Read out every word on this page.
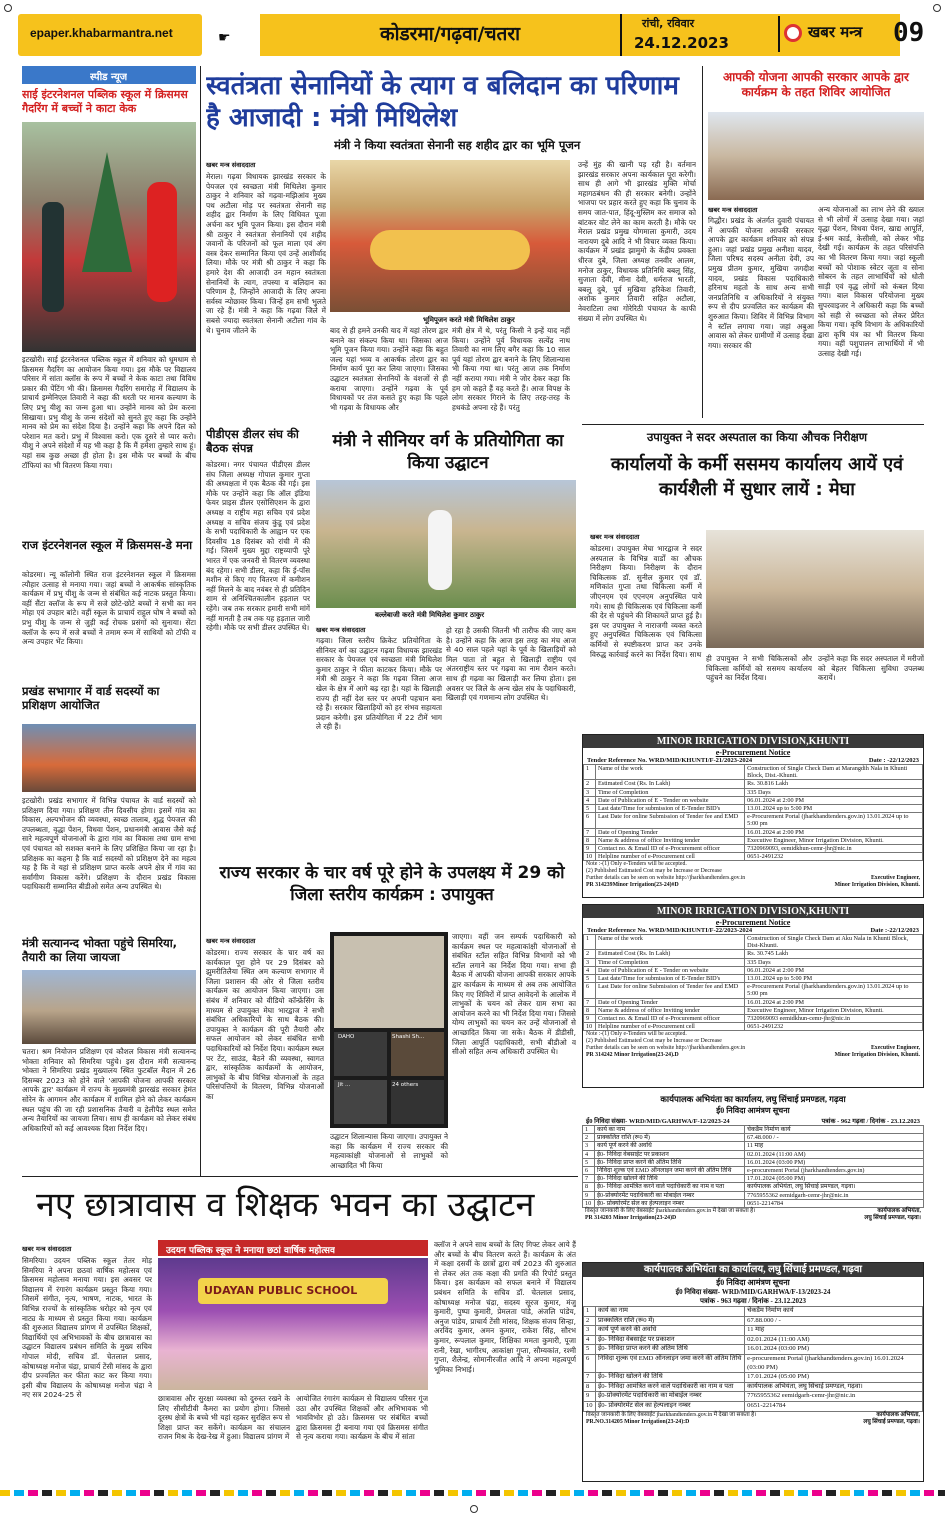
epaper.khabarmantra.net	☛	कोडरमा/गढ़वा/चतरा	रांची, रविवार
24.12.2023
खबर मन्त्र 09
स्पीड न्यूज
साई इंटरनेशनल पब्लिक स्कूल में क्रिसमस गैदरिंग में बच्चों ने काटा केक
इटखोरी। साई इंटरनेशनल पब्लिक स्कूल में शनिवार को धूमधाम से क्रिसमस गैदरिंग का आयोजन किया गया। इस मौके पर विद्यालय परिसर में सांता क्लॉस के रूप में बच्चों ने केक काटा तथा विविध प्रकार की पेंटिंग भी की। क्रिसमस गैदरिंग समारोह में विद्यालय के प्राचार्य इम्मेनिएल तिवारी ने कहा की धरती पर मानव कल्याण के लिए प्रभु यीशु का जन्म हुआ था। उन्होंने मानव को प्रेम करना सिखाया। प्रभु यीशु के जन्म संदेशों को सुनते हुए कहा कि उन्होंने मानव को प्रेम का संदेश दिया है। उन्होंने कहा कि अपने दिल को परेशान मत करो। प्रभु में विश्वास करो। एक दूसरे से प्यार करो। यीशु ने अपने संदेशों में यह भी कहा है कि मैं हमेशा तुम्हारे साथ हूं। यहां सब कुछ अच्छा ही होता है। इस मौके पर बच्चों के बीच टॉफियां का भी वितरण किया गया।
राज इंटरनेशनल स्कूल में क्रिसमस-डे मना
कोडरमा। न्यू कॉलोनी स्थित राज इंटरनेशनल स्कूल में क्रिसमस त्यौहार उत्साह से मनाया गया। जहां बच्चों ने आकर्षक सांस्कृतिक कार्यक्रम में प्रभु यीशु के जन्म से संबंधित कई नाटक प्रस्तुत किया। वहीं सैंटा क्लॉज के रूप में सजे छोटे-छोटे बच्चों ने सभी का मन मोहा एवं उपहार बांटे। वहीं स्कूल के प्राचार्य राहुल घोष ने बच्चों को प्रभु यीशु के जन्म से जुड़ी कई रोचक प्रसंगों को सुनाया। सेंटा क्लॉज के रूप में सजे बच्चों ने तमाम रूम में साथियों को टॉफी व अन्य उपहार भेंट किया।
प्रखंड सभागार में वार्ड सदस्यों का प्रशिक्षण आयोजित
इटखोरी। प्रखंड सभागार में विभिन्न पंचायत के वार्ड सदस्यों को प्रशिक्षण दिया गया। प्रशिक्षण तीन दिवसीय होगा। इसमें गांव का विकास, अल्पभोजन की व्यवस्था, स्वच्छ तालाब, शुद्ध पेयजल की उपलब्धता, वृद्धा पेंशन, विधवा पेंशन, प्रधानमंत्री आवास जैसे कई सारे महत्वपूर्ण योजनाओं के द्वारा गांव का विकास तथा ग्राम सभा एवं पंचायत को सशक्त बनाने के लिए प्रशिक्षित किया जा रहा है। प्रशिक्षक का कहना है कि वार्ड सदस्यों को प्रशिक्षण देने का महत्व यह है कि वे यहां से प्रशिक्षण प्राप्त करके अपने क्षेत्र में गांव का सर्वांगीण विकास करेंगे। प्रशिक्षण के दौरान प्रखंड विकास पदाधिकारी सम्मानित बीडीओ समेत अन्य उपस्थित थे।
मंत्री सत्यानन्द भोक्ता पहुंचे सिमरिया, तैयारी का लिया जायजा
चतरा। श्रम नियोजन प्रशिक्षण एवं कौशल विकास मंत्री सत्यानन्द भोक्ता शनिवार को सिमरिया पहुंचे। इस दौरान मंत्री सत्यानन्द भोक्ता ने सिमरिया प्रखंड मुख्यालय स्थित फुटबॉल मैदान में 26 दिसम्बर 2023 को होने वाले 'आपकी योजना आपकी सरकार आपके द्वार' कार्यक्रम में राज्य के मुख्यमंत्री झारखंड सरकार हेमंत सोरेन के आगमन और कार्यक्रम में शामिल होने को लेकर कार्यक्रम स्थल पहुंच की जा रही प्रशासनिक तैयारी व हेलीपैड स्थल समेत अन्य तैयारियों का जायजा लिया। साथ ही कार्यक्रम को लेकर संबंध अधिकारियों को कई आवश्यक दिशा निर्देश दिए।
स्वतंत्रता सेनानियों के त्याग व बलिदान का परिणाम है आजादी : मंत्री मिथिलेश
मंत्री ने किया स्वतंत्रता सेनानी सह शहीद द्वार का भूमि पूजन
खबर मन्त्र संवाददाता
मेराल। गढ़वा विधायक झारखंड सरकार के पेयजल एवं स्वच्छता मंत्री मिथिलेश कुमार ठाकुर ने शनिवार को गढ़वा-मझिआंव मुख्य पथ अटौला मोड़ पर स्वतंत्रता सेनानी सह शहीद द्वार निर्माण के लिए विधिवत पूजा अर्चना कर भूमि पूजन किया। इस दौरान मंत्री श्री ठाकुर ने स्वतंत्रता सेनानियों एवं शहीद जवानों के परिजनों को फूल माला एवं अंग वस्त्र देकर सम्मानित किया एवं उन्हें आशीर्वाद लिया। मौके पर मंत्री श्री ठाकुर ने कहा कि हमारे देश की आजादी उन महान स्वतंत्रता सेनानियों के त्याग, तपस्या व बलिदान का परिणाम है, जिन्होंने आजादी के लिए अपना सर्वस्व न्योछावर किया। जिन्हें हम सभी भुलते जा रहे हैं। मंत्री ने कहा कि गढ़वा जिले में सबसे ज्यादा स्वतंत्रता सेनानी अटौला गांव के थे। चुनाव जीतने के
भूमिपूजन करते मंत्री मिथिलेश ठाकुर
बाद से ही हमने उनकी याद में यहां तोरण द्वार बनाने का संकल्प किया था। जिसका आज भूमि पूजन किया गया। उन्होंने कहा कि बहुत जल्द यहां भव्य व आकर्षक तोरण द्वार का निर्माण कार्य पूरा कर लिया जाएगा। जिसका उद्घाटन स्वतंत्रता सेनानियों के वंशजों से ही कराया जाएगा। उन्होंने गढ़वा के पूर्व विधायकों पर तंज कसते हुए कहा कि पहले भी गढ़वा के विधायक और
मंत्री क्षेत्र में थे, परंतु किसी ने इन्हें याद नहीं किया। उन्होंने पूर्व विधायक सत्येंद्र नाथ तिवारी का नाम लिए बगैर कहा कि 10 साल पूर्व यहां तोरण द्वार बनाने के लिए शिलान्यास भी किया गया था। परंतु आज तक निर्माण नहीं कराया गया। मंत्री ने जोर देकर कहा कि हम जो कहते हैं वह करते हैं। आज विपक्ष के लोग सरकार गिराने के लिए तरह-तरह के हथकंडे अपना रहे हैं। परंतु
उन्हें मुंह की खानी पड़ रही है। वर्तमान झारखंड सरकार अपना कार्यकाल पूरा करेगी। साथ ही आगे भी झारखंड मुक्ति मोर्चा महागठबंधन की ही सरकार बनेगी। उन्होंने भाजपा पर प्रहार करते हुए कहा कि चुनाव के समय जात-पात, हिंदू-मुस्लिम कर समाज को बांटकर वोट लेने का काम करती है। मौके पर मेराल प्रखंड प्रमुख योगमाला कुमारी, उदय नारायण दुबे आदि ने भी विचार व्यक्त किया। कार्यक्रम में प्रखंड झामुमो के केंद्रीय प्रवक्ता धीरज दुबे, जिला अध्यक्ष तनवीर आलम, मनोज ठाकुर, विधायक प्रतिनिधि बबलू सिंह, सुजाता देवी, मीना देवी, धर्मराज भारती, बबलू दुबे, पूर्व मुखिया हरिकेश तिवारी, अशोक कुमार तिवारी सहित अटौला, नेवराटिला तथा गोरेरिठी पंचायत के काफी संख्या में लोग उपस्थित थे।
पीडीएस डीलर संघ की बैठक संपन्न
कोडरमा। नगर पंचायत पीडीएस डीलर संघ जिला अध्यक्ष गोपाल कुमार गुप्ता की अध्यक्षता में एक बैठक की गई। इस मौके पर उन्होंने कहा कि ऑल इंडिया फेयर प्राइस डीलर एसोसिएशन के द्वारा अध्यक्ष व राष्ट्रीय महा सचिव एवं प्रदेश अध्यक्ष व सचिव संजय कुंडू एवं प्रदेश के सभी पदाधिकारी के आह्वान पर एक दिवसीय 18 दिसंबर को रांची में की गई। जिसमें मुख्य मुद्दा राष्ट्रव्यापी पूरे भारत में एक जनवरी से वितरण व्यवस्था बंद रहेगा। सभी डीलर, कहा कि ई-पॉस मशीन से किए गए वितरण में कमीशन नहीं मिलने के बाद नवंबर से ही प्रतिदिन शाम से अनिश्चितकालीन हड़ताल पर रहेंगे। जब तक सरकार हमारी सभी मांगें नहीं मानती है तब तक यह हड़ताल जारी रहेगी। मौके पर सभी डीलर उपस्थित थे।
मंत्री ने सीनियर वर्ग के प्रतियोगिता का किया उद्घाटन
बल्लेबाजी करते मंत्री मिथिलेश कुमार ठाकुर
खबर मन्त्र संवाददाता
गढ़वा। जिला स्तरीय क्रिकेट प्रतियोगिता के सीनियर वर्ग का उद्घाटन गढ़वा विधायक झारखंड सरकार के पेयजल एवं स्वच्छता मंत्री मिथिलेश कुमार ठाकुर ने फीता काटकर किया। मौके पर मंत्री श्री ठाकुर ने कहा कि गढ़वा जिला आज खेल के क्षेत्र में आगे बढ़ रहा है। यहां के खिलाड़ी राज्य ही नहीं देश स्तर पर अपनी पहचान बना रहे हैं। सरकार खिलाड़ियों को हर संभव सहायता प्रदान करेगी। इस प्रतियोगिता में 22 टीमें भाग ले रही हैं।
हो रहा है उसकी जितनी भी तारीफ की जाए कम है। उन्होंने कहा कि आज इस तरह का मंच आज से 40 साल पहले यहां के पूर्व के खिलाड़ियों को मिल पाता तो बहुत से खिलाड़ी राष्ट्रीय एवं अंतरराष्ट्रीय स्तर पर गढ़वा का नाम रौशन करते। साथ ही गढ़वा का खिलाड़ी कर लिया होता। इस अवसर पर जिले के अन्य खेल संघ के पदाधिकारी, खिलाड़ी एवं गणमान्य लोग उपस्थित थे।
राज्य सरकार के चार वर्ष पूरे होने के उपलक्ष्य में 29 को जिला स्तरीय कार्यक्रम : उपायुक्त
खबर मन्त्र संवाददाता
कोडरमा। राज्य सरकार के चार वर्ष का कार्यकाल पूरा होने पर 29 दिसंबर को झुमरीतिलैया स्थित अम कल्याण सभागार में जिला प्रशासन की ओर से जिला स्तरीय कार्यक्रम का आयोजन किया जाएगा। उस संबंध में शनिवार को वीडियो कॉन्फ्रेंसिंग के माध्यम से उपायुक्त मेघा भारद्वाज ने सभी संबंधित अधिकारियों के साथ बैठक की। उपायुक्त ने कार्यक्रम की पूरी तैयारी और सफल आयोजन को लेकर संबंधित सभी पदाधिकारियों को निर्देश दिया। कार्यक्रम स्थल पर टेंट, साउंड, बैठने की व्यवस्था, स्वागत द्वार, सांस्कृतिक कार्यक्रमों के आयोजन, लाभुकों के बीच विभिन्न योजनाओं के तहत परिसंपत्तियों के वितरण, विभिन्न योजनाओं का
DAHO	Shashi Sh...
Jit ...	24 others
उद्घाटन शिलान्यास किया जाएगा। उपायुक्त ने कहा कि कार्यक्रम में राज्य सरकार की महत्वाकांक्षी योजनाओं से लाभुकों को आच्छादित भी किया
जाएगा। वहीं जन सम्पर्क पदाधिकारी को कार्यक्रम स्थल पर महत्वाकांक्षी योजनाओं से संबंधित स्टॉल सहित विभिन्न विभागों को भी स्टॉल लगाने का निर्देश दिया गया। सभा ही बैठक में आपकी योजना आपकी सरकार आपके द्वार कार्यक्रम के माध्यम से अब तक आयोजित किए गए शिविरों में प्राप्त आवेदनों के आलोक में लाभुकों के चयन को लेकर ग्राम सभा का आयोजन करने का भी निर्देश दिया गया। जिससे योग्य लाभुकों का चयन कर उन्हें योजनाओं से आच्छादित किया जा सके। बैठक में डीडीसी, जिला आपूर्ति पदाधिकारी, सभी बीडीओ व सीओ सहित अन्य अधिकारी उपस्थित थे।
नए छात्रावास व शिक्षक भवन का उद्घाटन
खबर मन्त्र संवाददाता
सिमरिया। उदयन पब्लिक स्कूल तेतर मोड़ सिमरिया ने अपना छठवां वार्षिक महोत्सव एवं क्रिसमस महोत्सव मनाया गया। इस अवसर पर विद्यालय में रंगारंग कार्यक्रम प्रस्तुत किया गया। जिसमें संगीत, नृत्य, भाषण, नाटक, भारत के विभिन्न राज्यों के सांस्कृतिक धरोहर को नृत्य एवं नाट्य के माध्यम से प्रस्तुत किया गया। कार्यक्रम की शुरुआत विद्यालय प्रांगण में उपस्थित शिक्षकों, विद्यार्थियों एवं अभिभावकों के बीच छात्रावास का उद्घाटन विद्यालय प्रबंधन समिति के मुख्य सचिव गोपाल मोदी, सचिव डॉ. चेतलाल प्रसाद, कोषाध्यक्ष मनोज चंद्रा, प्राचार्य टेंसी मांसद के द्वारा दीप प्रज्वलित कर फीता काट कर किया गया। इसी बीच विद्यालय के कोषाध्यक्ष मनोज चंद्रा ने नए सत्र 2024-25 से
उदयन पब्लिक स्कूल ने मनाया छठां वार्षिक महोत्सव
UDAYAN PUBLIC SCHOOL
छात्रावास और सुरक्षा व्यवस्था को दुरुस्त रखने के लिए सीसीटीवी कैमरा का प्रयोग होगा। जिससे दूरस्थ क्षेत्रों के बच्चे भी यहां रहकर सुरक्षित रूप से शिक्षा प्राप्त कर सकेंगे। कार्यक्रम का संचालन राजन मिश्र के देख-रेख में हुआ। विद्यालय प्रांगण में
आयोजित रंगारंग कार्यक्रम से विद्यालय परिसर गूंज उठा और उपस्थित शिक्षकों और अभिभावक भी भावविभोर हो उठे। क्रिसमस पर संबंधित बच्चों द्वारा क्रिसमस ट्री बनाया गया एवं क्रिसमस संगीत से नृत्य कराया गया। कार्यक्रम के बीच में सांता
क्लॉज ने अपने साथ बच्चों के लिए गिफ्ट लेकर आये हैं और बच्चों के बीच वितरण करते हैं। कार्यक्रम के अंत में कक्षा दसवीं के छात्रों द्वारा वर्ष 2023 की शुरुआत से लेकर अंत तक कक्षा की प्रगति की रिपोर्ट प्रस्तुत किया। इस कार्यक्रम को सफल बनाने में विद्यालय प्रबंधन समिति के सचिव डॉ. चेतलाल प्रसाद, कोषाध्यक्ष मनोज चंद्रा, सदस्य सूरज कुमार, मंजु कुमारी, पुष्पा कुमारी, प्रेमलता पांडे, अंजलि पांडेय, अनुज पांडेय, प्राचार्य टेंसी मांसद, शिक्षक संजय सिन्हा, अरविंद कुमार, अमन कुमार, राकेश सिंह, सौरभ कुमार, रूपलाल कुमार, शिक्षिका ममता कुमारी, पूजा रानी, रेखा, भागीरथ, आकांक्षा गुप्ता, सौम्यकांत, रश्मी गुप्ता, शैलेन्द्र, सोमानीरजीत आदि ने अपना महत्वपूर्ण भूमिका निभाई।
आपकी योजना आपकी सरकार आपके द्वार कार्यक्रम के तहत शिविर आयोजित
खबर मन्त्र संवाददाता
गिद्धौर। प्रखंड के अंतर्गत दुवारी पंचायत में आपकी योजना आपकी सरकार आपके द्वार कार्यक्रम शनिवार को संपन्न हुआ। जहां प्रखंड प्रमुख अनीशा यादव, जिला परिषद सदस्य अनीता देवी, उप प्रमुख प्रीतम कुमार, मुखिया जगदीश यादव, प्रखंड विकास पदाधिकारी हरिनाथ महतो के साथ अन्य सभी जनप्रतिनिधि व अधिकारियों ने संयुक्त रूप से दीप प्रज्वलित कर कार्यक्रम की शुरुआत किया। शिविर में विभिन्न विभाग ने स्टॉल लगाया गया। जहां अबुआ आवास को लेकर ग्रामीणों में उत्साह देखा गया। सरकार की
अन्य योजनाओं का लाभ लेने की ख्याल से भी लोगों में उत्साह देखा गया। जहां वृद्धा पेंशन, विधवा पेंशन, खाद्य आपूर्ति, ई-श्रम कार्ड, केसीसी, को लेकर भीड़ देखी गई। कार्यक्रम के तहत परिसंपत्ति का भी वितरण किया गया। जहां स्कूली बच्चों को पोशाक स्वेटर जूता व सोना सोबरन के तहत लाभार्थियों को धोती साड़ी एवं वृद्ध लोगों को कंबल दिया गया। बाल विकास परियोजना मुख्य सुपरवाइजर ने अधिकारी कहा कि बच्चों को सही से स्वच्छता को लेकर प्रेरित किया गया। कृषि विभाग के अधिकारियों द्वारा कृषि यंत्र का भी वितरण किया गया। वहीं पशुपालन लाभार्थियों में भी उत्साह देखी गई।
उपायुक्त ने सदर अस्पताल का किया औचक निरीक्षण
कार्यालयों के कर्मी ससमय कार्यालय आयें एवं कार्यशैली में सुधार लायें : मेघा
खबर मन्त्र संवाददाता
कोडरमा। उपायुक्त मेघा भारद्वाज ने सदर अस्पताल के विभिन्न वार्डों का औचक निरीक्षण किया। निरीक्षण के दौरान चिकित्सक डॉ. सुनील कुमार एवं डॉ. मणिकांत गुप्ता तथा चिकित्सा कर्मी में जीएनएम एवं एएनएम अनुपस्थित पाये गये। साथ ही चिकित्सक एवं चिकित्सा कर्मी की देर से पहुंचने की शिकायतें प्राप्त हुई है। इस पर उपायुक्त ने नाराजगी व्यक्त करते हुए अनुपस्थित चिकित्सक एवं चिकित्सा कर्मियों से स्पष्टीकरण प्राप्त कर उनके विरुद्ध कार्रवाई करने का निर्देश दिया। साथ ही उपायुक्त ने सभी चिकित्सकों और चिकित्सा कर्मियों को ससमय कार्यालय पहुंचने का निर्देश दिया।
उन्होंने कहा कि सदर अस्पताल में मरीजों को बेहतर चिकित्सा सुविधा उपलब्ध करायें।
MINOR IRRIGATION DIVISION,KHUNTI
e-Procurement Notice
Tender Reference No. WRD/MID/KHUNTI/F-21/2023-2024	Date : -22/12/2023
1	Name of the work	Construction of Single Check Dam at Marangdih Nala in Khunti Block, Dist.-Khunti.
2	Estimated Cost (Rs. In Lakh)	Rs. 30.816 Lakh
3	Time of Completion	335 Days
4	Date of Publication of E - Tender on website	06.01.2024 at 2:00 PM
5	Last date/Time for submission of E-Tender BID's	13.01.2024 up to 5:00 PM
6	Last Date for online Submission of Tender fee and EMD	e-Procurement Portal (jharkhandtenders.gov.in) 13.01.2024 up to 5:00 pm
7	Date of Opening Tender	16.01.2024 at 2:00 PM
8	Name & address of office Inviting tender	Executive Engineer, Minor Irrigation Division, Khunti.
9	Contact no. & Email ID of e-Procurement officer	7320969093, eemidkhun-cemr-jhr@nic.in
10	Helpline number of e-Procurement cell	0651-2491232
Note :-(1) Only e-Tenders will be accepted.
(2) Published Estimated Cost may be Increase or Decrease
Further details can be seen on website http://jharkhandtenders.gov.in	Executive Engineer,
PR 314239Minor Irrigation(23-24)#D	Minor Irrigation Division, Khunti.
MINOR IRRIGATION DIVISION,KHUNTI
e-Procurement Notice
Tender Reference No. WRD/MID/KHUNTI/F-22/2023-2024	Date :-22/12/2023
1	Name of the work	Construction of Single Check Dam at Aku Nala in Khunti Block, Dist-Khunti.
2	Estimated Cost (Rs. In Lakh)	Rs. 30.745 Lakh
3	Time of Completion	335 Days
4	Date of Publication of E - Tender on website	06.01.2024 at 2:00 PM
5	Last date/Time for submission of E-Tender BID's	13.01.2024 up to 5:00 PM
6	Last Date for online Submission of Tender fee and EMD	e-Procurement Portal (jharkhandtenders.gov.in) 13.01.2024 up to 5:00 pm
7	Date of Opening Tender	16.01.2024 at 2:00 PM
8	Name & address of office Inviting tender	Executive Engineer, Minor Irrigation Division, Khunti.
9	Contact no. & Email ID of e-Procurement officer	7320969093 eemidkhun-cemr-jhr@nic.in
10	Helpline number of e-Procurement cell	0651-2491232
Note :-(1) Only e-Tenders will be accepted.
(2) Published Estimated Cost may be Increase or Decrease
Further details can be seen on website http://jharkhandtenders.gov.in	Executive Engineer,
PR 314242 Minor Irrigation(23-24).D	Minor Irrigation Division, Khunti.
कार्यपालक अभियंता का कार्यालय, लघु सिंचाई प्रमण्डल, गढ़वा
ई0 निविदा आमंत्रण सूचना
ई0 निविदा संख्या- WRD/MID/GARHWA/F-12/2023-24	पत्रांक - 962 गढ़वा / दिनांक - 23.12.2023
1	कार्य का नाम	चेकडैम निर्माण कार्य
2	प्राक्कलित राशि (रू0 में)	67.48.000 / -
3	कार्य पूर्ण करने की अवधि	11 माह
4	ई0- निविदा वेबसाईट पर प्रकाशन	02.01.2024 (11:00 AM)
5	ई0- निविदा प्राप्त करने की अंतिम तिथि	16.01.2024 (03:00 PM)
6	निविदा शुल्क एवं EMD ऑनलाइन जमा करने की अंतिम तिथि	e-procurement Portal (jharkhandtenders.gov.in)
7	ई0- निविदा खोलने की तिथि	17.01.2024 (05:00 PM)
8	ई0- निविदा आमंत्रित करने वाले पदाधिकारी का नाम व पता	कार्यपालक अभियंता, लघु सिंचाई प्रमण्डल, गढ़वा।
9	ई0-प्रोक्योरमेंट पदाधिकारी का मोबाईल नम्बर	7765955362 eemidgarh-cemr-jhr@nic.in
10	ई0- प्रोक्योरमेंट सेल का हेल्पलाइन नम्बर	0651-2214784
विस्तृत जानकारी के लिए वेबसाईट jharkhandtenders.gov.in में देखा जा सकता है।	कार्यपालक अभियंता,
PR 314203 Minor Irrigation(23-24)D	लघु सिंचाई प्रमण्डल, गढ़वा।
कार्यपालक अभियंता का कार्यालय, लघु सिंचाई प्रमण्डल, गढ़वा
ई0 निविदा आमंत्रण सूचना
ई0 निविदा संख्या- WRD/MID/GARHWA/F-13/2023-24
पत्रांक - 963 गढ़वा / दिनांक - 23.12.2023
1	कार्य का नाम	चेकडैम निर्माण कार्य
2	प्राक्कलित राशि (रू0 में)	67.88.000 / -
3	कार्य पूर्ण करने की अवधि	11 माह
4	ई0- निविदा वेबसाईट पर प्रकाशन	02.01.2024 (11:00 AM)
5	ई0- निविदा प्राप्त करने की अंतिम तिथि	16.01.2024 (03:00 PM)
6	निविदा शुल्क एवं EMD ऑनलाइन जमा करने की अंतिम तिथि	e-procurement Portal (jharkhandtenders.gov.in) 16.01.2024 (03:00 PM)
7	ई0- निविदा खोलने की तिथि	17.01.2024 (05:00 PM)
8	ई0- निविदा आमंत्रित करने वाले पदाधिकारी का नाम व पता	कार्यपालक अभियंता, लघु सिंचाई प्रमण्डल, गढ़वा।
9	ई0-प्रोक्योरमेंट पदाधिकारी का मोबाईल नम्बर	7765955362 eemidgarh-cemr-jhr@nic.in
10	ई0- प्रोक्योरमेंट सेल का हेल्पलाइन नम्बर	0651-2214784
विस्तृत जानकारी के लिए वेबसाईट jharkhandtenders.gov.in में देखा जा सकता है।	कार्यपालक अभियंता,
PR.NO.314205 Minor Irrigation(23-24):D	लघु सिंचाई प्रमण्डल, गढ़वा।
